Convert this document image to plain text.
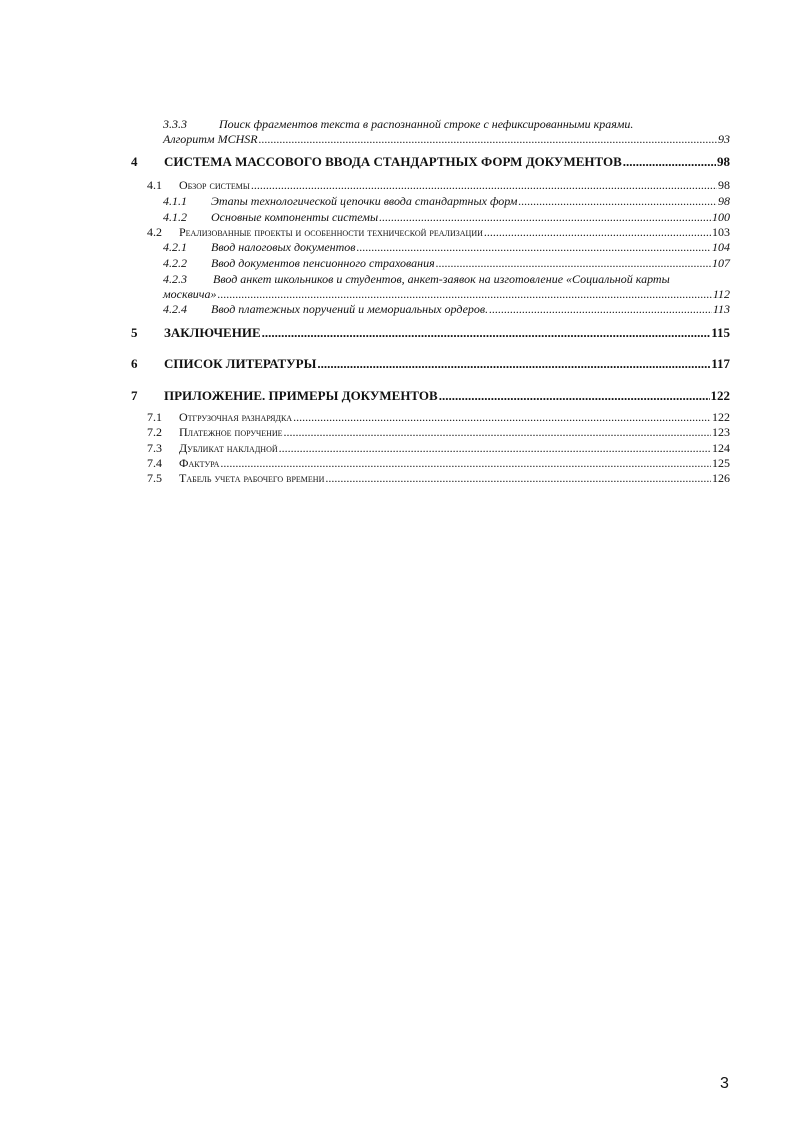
3.3.3	Поиск фрагментов текста в распознанной строке с нефиксированными краями.
Алгоритм MCHSR .....	93
4	СИСТЕМА МАССОВОГО ВВОДА СТАНДАРТНЫХ ФОРМ ДОКУМЕНТОВ .....	98
4.1	Обзор системы .....	98
4.1.1	Этапы технологической цепочки ввода стандартных форм .....	98
4.1.2	Основные компоненты системы .....	100
4.2	Реализованные проекты и особенности технической реализации .....	103
4.2.1	Ввод налоговых документов .....	104
4.2.2	Ввод документов пенсионного страхования .....	107
4.2.3 Ввод анкет школьников и студентов, анкет-заявок на изготовление «Социальной карты
москвича» .....	112
4.2.4	Ввод платежных поручений и мемориальных ордеров. .....	113
5	ЗАКЛЮЧЕНИЕ .....	115
6	СПИСОК ЛИТЕРАТУРЫ .....	117
7	ПРИЛОЖЕНИЕ. ПРИМЕРЫ ДОКУМЕНТОВ .....	122
7.1	Отгрузочная разнарядка .....	122
7.2	Платежное поручение .....	123
7.3	Дубликат накладной .....	124
7.4	Фактура .....	125
7.5	Табель учета рабочего времени .....	126
3
